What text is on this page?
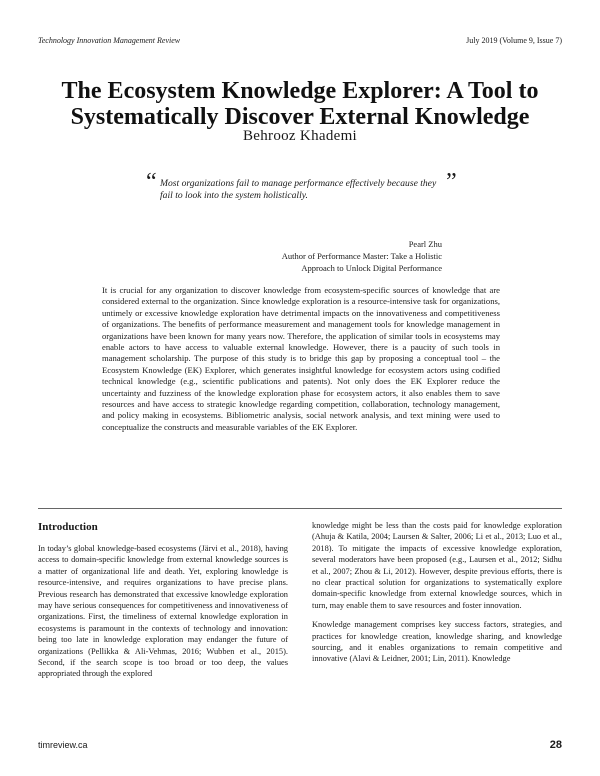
Technology Innovation Management Review	July 2019 (Volume 9, Issue 7)
The Ecosystem Knowledge Explorer: A Tool to Systematically Discover External Knowledge
Behrooz Khademi
“ Most organizations fail to manage performance effectively because they fail to look into the system holistically.
”
Pearl Zhu
Author of Performance Master: Take a Holistic Approach to Unlock Digital Performance
It is crucial for any organization to discover knowledge from ecosystem-specific sources of knowledge that are considered external to the organization. Since knowledge exploration is a resource-intensive task for organizations, untimely or excessive knowledge exploration have detrimental impacts on the innovativeness and competitiveness of organizations. The benefits of performance measurement and management tools for knowledge management in organizations have been known for many years now. Therefore, the application of similar tools in ecosystems may enable actors to have access to valuable external knowledge. However, there is a paucity of such tools in management scholarship. The purpose of this study is to bridge this gap by proposing a conceptual tool – the Ecosystem Knowledge (EK) Explorer, which generates insightful knowledge for ecosystem actors using codified technical knowledge (e.g., scientific publications and patents). Not only does the EK Explorer reduce the uncertainty and fuzziness of the knowledge exploration phase for ecosystem actors, it also enables them to save resources and have access to strategic knowledge regarding competition, collaboration, technology management, and policy making in ecosystems. Bibliometric analysis, social network analysis, and text mining were used to conceptualize the constructs and measurable variables of the EK Explorer.
Introduction

In today’s global knowledge-based ecosystems (Järvi et al., 2018), having access to domain-specific knowledge from external knowledge sources is a matter of organizational life and death. Yet, exploring knowledge is resource-intensive, and requires organizations to have precise plans. Previous research has demonstrated that excessive knowledge exploration may have serious consequences for competitiveness and innovativeness of organizations. First, the timeliness of external knowledge exploration in ecosystems is paramount in the contexts of technology and innovation: being too late in knowledge exploration may endanger the future of organizations (Pellikka & Ali-Vehmas, 2016; Wubben et al., 2015). Second, if the search scope is too broad or too deep, the values appropriated through the explored

knowledge might be less than the costs paid for knowledge exploration (Ahuja & Katila, 2004; Laursen & Salter, 2006; Li et al., 2013; Luo et al., 2018). To mitigate the impacts of excessive knowledge exploration, several moderators have been proposed (e.g., Laursen et al., 2012; Sidhu et al., 2007; Zhou & Li, 2012). However, despite previous efforts, there is no clear practical solution for organizations to systematically explore domain-specific knowledge from external knowledge sources, which in turn, may enable them to save resources and foster innovation.

Knowledge management comprises key success factors, strategies, and practices for knowledge creation, knowledge sharing, and knowledge sourcing, and it enables organizations to remain competitive and innovative (Alavi & Leidner, 2001; Lin, 2011). Knowledge

timreview.ca	28
